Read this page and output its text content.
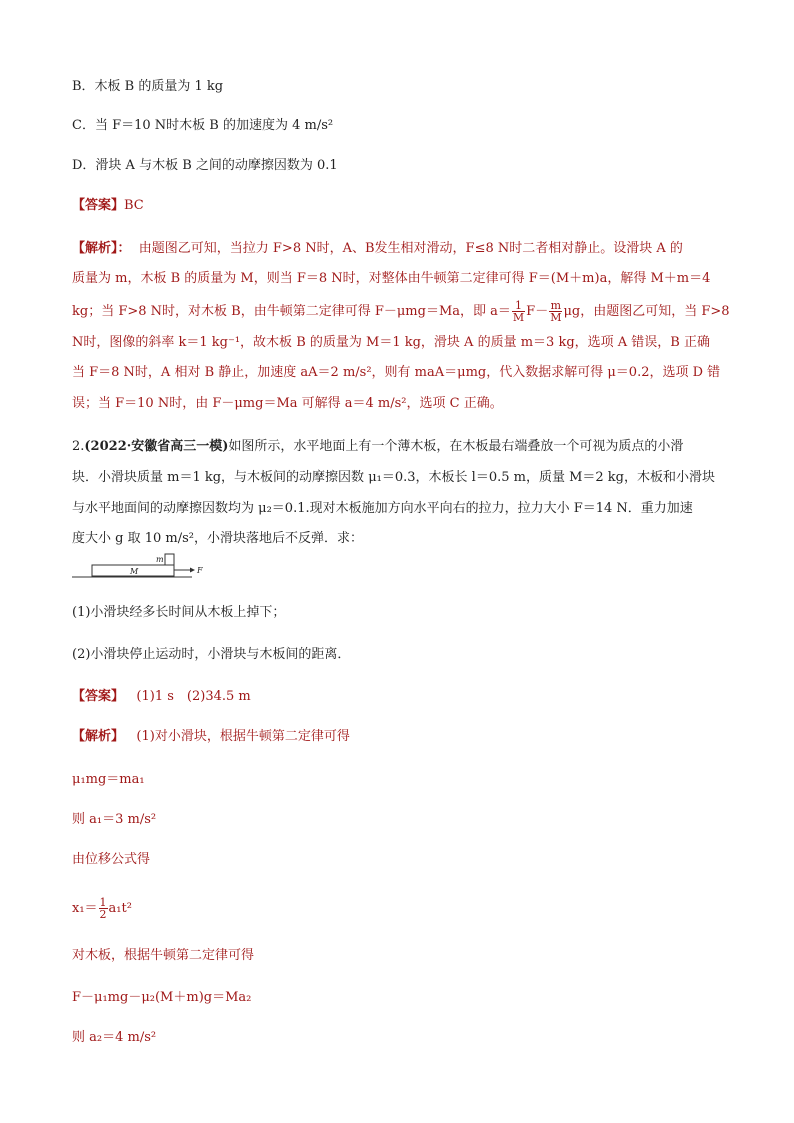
B．木板 B 的质量为 1 kg
C．当 F＝10 N时木板 B 的加速度为 4 m/s²
D．滑块 A 与木板 B 之间的动摩擦因数为 0.1
【答案】BC
【解析】： 由题图乙可知，当拉力 F>8 N时，A、B发生相对滑动，F≤8 N时二者相对静止。设滑块 A 的
质量为 m，木板 B 的质量为 M，则当 F＝8 N时，对整体由牛顿第二定律可得 F＝(M＋m)a，解得 M＋m＝4
kg；当 F>8 N时，对木板 B，由牛顿第二定律可得 F－μmg＝Ma，即 $a= \frac{1}{M} F- \frac{m}{M}$ μg，由题图乙可知，当 F>8
N时，图像的斜率 k＝1 kg⁻¹，故木板 B 的质量为 M＝1 kg，滑块 A 的质量 m＝3 kg，选项 A 错误，B 正确
当 F＝8 N时，A 相对 B 静止，加速度 aA＝2 m/s²，则有 maA＝μmg，代入数据求解可得 μ＝0.2，选项 D 错
误；当 F＝10 N时，由 F－μmg＝Ma 可解得 a＝4 m/s²，选项 C 正确。
2.(2022·安徽省高三一模)如图所示，水平地面上有一个薄木板，在木板最右端叠放一个可视为质点的小滑
块．小滑块质量 m＝1 kg，与木板间的动摩擦因数 μ₁＝0.3，木板长 l＝0.5 m，质量 M＝2 kg，木板和小滑块
与水平地面间的动摩擦因数均为 μ₂＝0.1.现对木板施加方向水平向右的拉力，拉力大小 F＝14 N．重力加速
度大小 g 取 10 m/s²，小滑块落地后不反弹．求：
m
M	F
(1)小滑块经多长时间从木板上掉下；
(2)小滑块停止运动时，小滑块与木板间的距离．
【答案】 (1)1 s　(2)34.5 m
【解析】 (1)对小滑块，根据牛顿第二定律可得
μ₁mg＝ma₁
则 a₁＝3 m/s²
由位移公式得
$x_1= \frac{1}{2} a_1t^2$
对木板，根据牛顿第二定律可得
F－μ₁mg－μ₂(M＋m)g＝Ma₂
则 a₂＝4 m/s²
